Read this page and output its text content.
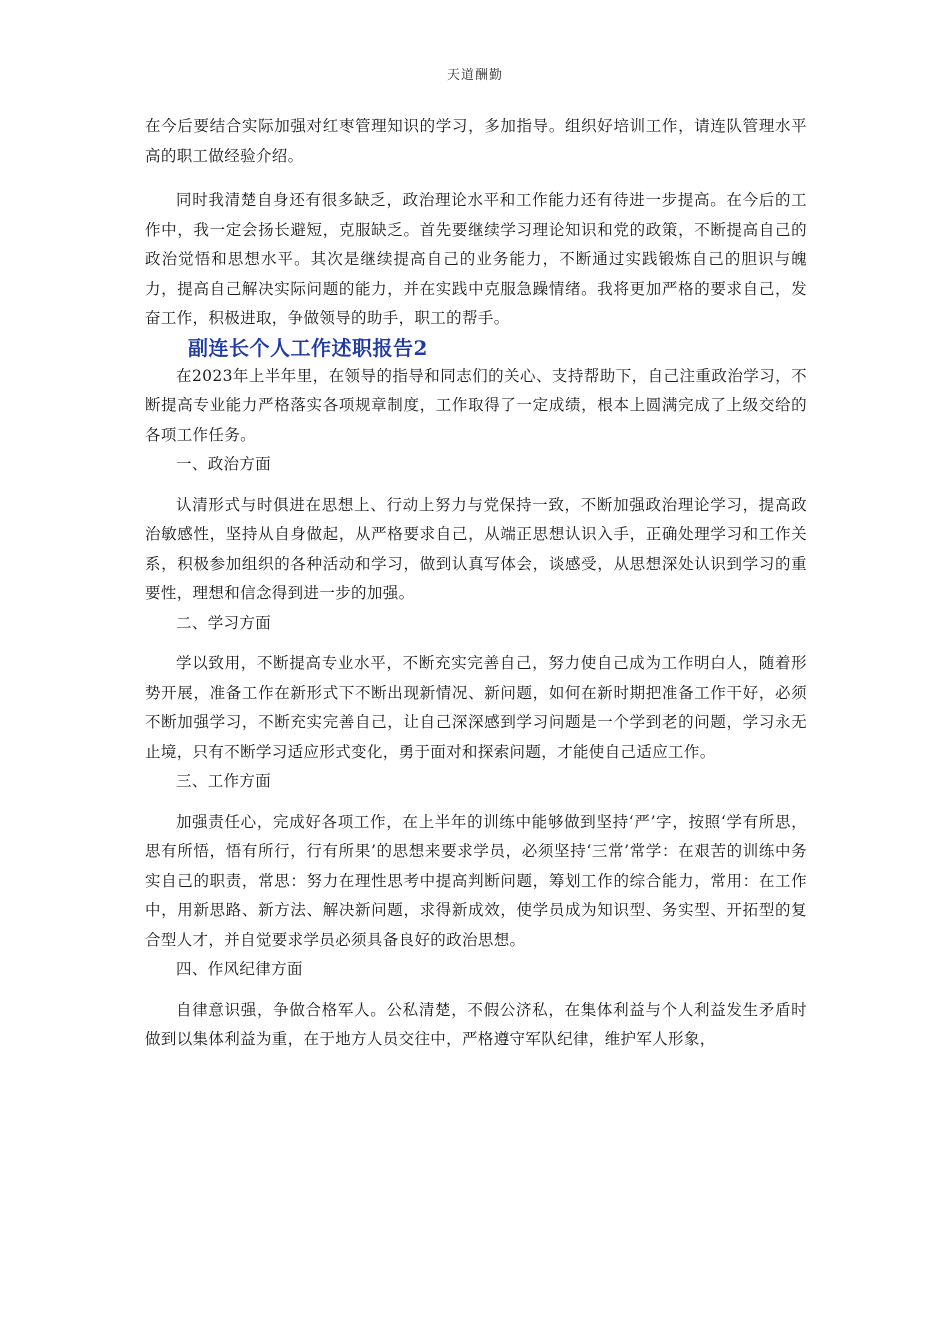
天道酬勤

在今后要结合实际加强对红枣管理知识的学习，多加指导。组织好培训工作，请连队管理水平高的职工做经验介绍。

同时我清楚自身还有很多缺乏，政治理论水平和工作能力还有待进一步提高。在今后的工作中，我一定会扬长避短，克服缺乏。首先要继续学习理论知识和党的政策，不断提高自己的政治觉悟和思想水平。其次是继续提高自己的业务能力，不断通过实践锻炼自己的胆识与魄力，提高自己解决实际问题的能力，并在实践中克服急躁情绪。我将更加严格的要求自己，发奋工作，积极进取，争做领导的助手，职工的帮手。

副连长个人工作述职报告2

在2023年上半年里，在领导的指导和同志们的关心、支持帮助下，自己注重政治学习，不断提高专业能力严格落实各项规章制度，工作取得了一定成绩，根本上圆满完成了上级交给的各项工作任务。

一、政治方面

认清形式与时俱进在思想上、行动上努力与党保持一致，不断加强政治理论学习，提高政治敏感性，坚持从自身做起，从严格要求自己，从端正思想认识入手，正确处理学习和工作关系，积极参加组织的各种活动和学习，做到认真写体会，谈感受，从思想深处认识到学习的重要性，理想和信念得到进一步的加强。

二、学习方面

学以致用，不断提高专业水平，不断充实完善自己，努力使自己成为工作明白人，随着形势开展，准备工作在新形式下不断出现新情况、新问题，如何在新时期把准备工作干好，必须不断加强学习，不断充实完善自己，让自己深深感到学习问题是一个学到老的问题，学习永无止境，只有不断学习适应形式变化，勇于面对和探索问题，才能使自己适应工作。

三、工作方面

加强责任心，完成好各项工作，在上半年的训练中能够做到坚持‘严’字，按照‘学有所思，思有所悟，悟有所行，行有所果’的思想来要求学员，必须坚持‘三常’常学：在艰苦的训练中务实自己的职责，常思：努力在理性思考中提高判断问题，筹划工作的综合能力，常用：在工作中，用新思路、新方法、解决新问题，求得新成效，使学员成为知识型、务实型、开拓型的复合型人才，并自觉要求学员必须具备良好的政治思想。

四、作风纪律方面

自律意识强，争做合格军人。公私清楚，不假公济私，在集体利益与个人利益发生矛盾时做到以集体利益为重，在于地方人员交往中，严格遵守军队纪律，维护军人形象，
